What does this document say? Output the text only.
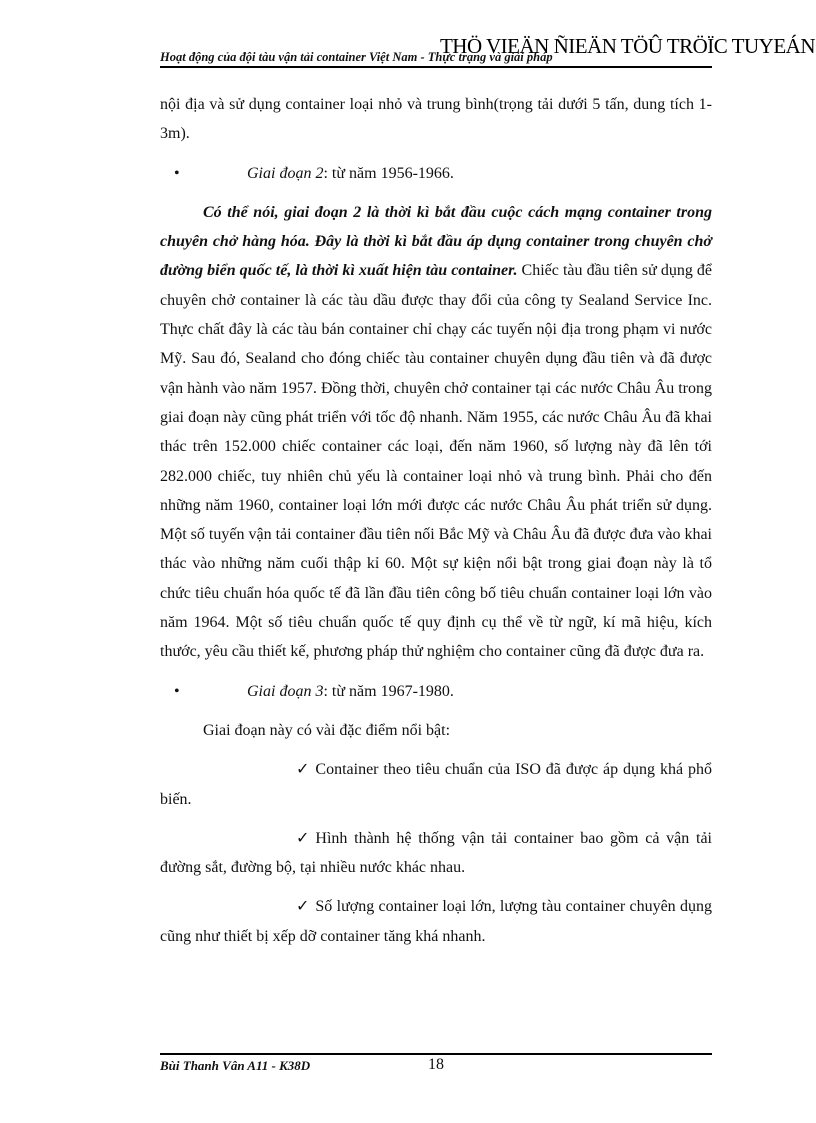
THÖ VIEÄN ÑIEÄN TÖÛ TRÖÏC TUYEÁN
Hoạt động của đội tàu vận tải container Việt Nam - Thực trạng và giải pháp

nội địa và sử dụng container loại nhỏ và trung bình(trọng tải dưới 5 tấn, dung tích 1-3m).

•	Giai đoạn 2: từ năm 1956-1966.

Có thể nói, giai đoạn 2 là thời kì bắt đầu cuộc cách mạng container trong chuyên chở hàng hóa. Đây là thời kì bắt đầu áp dụng container trong chuyên chở đường biển quốc tế, là thời kì xuất hiện tàu container. Chiếc tàu đầu tiên sử dụng để chuyên chở container là các tàu dầu được thay đổi của công ty Sealand Service Inc. Thực chất đây là các tàu bán container chỉ chạy các tuyến nội địa trong phạm vi nước Mỹ. Sau đó, Sealand cho đóng chiếc tàu container chuyên dụng đầu tiên và đã được vận hành vào năm 1957. Đồng thời, chuyên chở container tại các nước Châu Âu trong giai đoạn này cũng phát triển với tốc độ nhanh. Năm 1955, các nước Châu Âu đã khai thác trên 152.000 chiếc container các loại, đến năm 1960, số lượng này đã lên tới 282.000 chiếc, tuy nhiên chủ yếu là container loại nhỏ và trung bình. Phải cho đến những năm 1960, container loại lớn mới được các nước Châu Âu phát triển sử dụng. Một số tuyến vận tải container đầu tiên nối Bắc Mỹ và Châu Âu đã được đưa vào khai thác vào những năm cuối thập kỉ 60. Một sự kiện nổi bật trong giai đoạn này là tổ chức tiêu chuẩn hóa quốc tế đã lần đầu tiên công bố tiêu chuẩn container loại lớn vào năm 1964. Một số tiêu chuẩn quốc tế quy định cụ thể về từ ngữ, kí mã hiệu, kích thước, yêu cầu thiết kế, phương pháp thử nghiệm cho container cũng đã được đưa ra.

•	Giai đoạn 3: từ năm 1967-1980.

Giai đoạn này có vài đặc điểm nổi bật:

✓ Container theo tiêu chuẩn của ISO đã được áp dụng khá phổ biến.

✓ Hình thành hệ thống vận tải container bao gồm cả vận tải đường sắt, đường bộ, tại nhiều nước khác nhau.

✓ Số lượng container loại lớn, lượng tàu container chuyên dụng cũng như thiết bị xếp dỡ container tăng khá nhanh.

Bùi Thanh Vân A11 - K38D	18
